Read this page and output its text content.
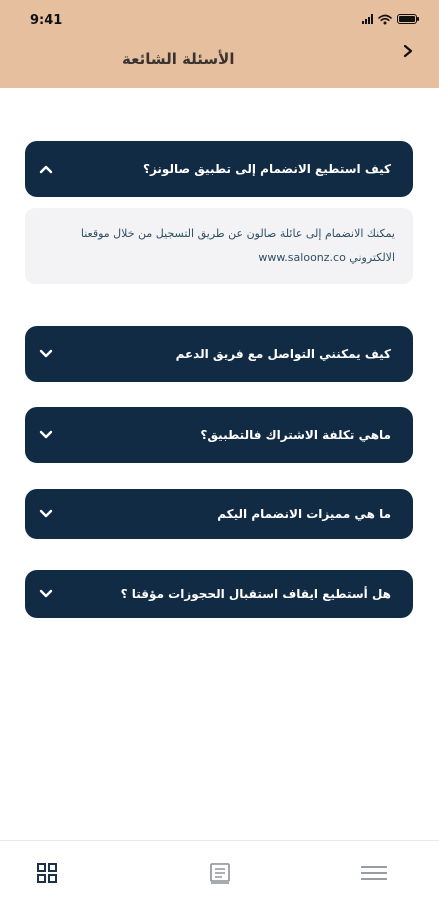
9:41
الأسئلة الشائعة
كيف استطيع الانضمام إلى تطبيق صالونز؟
يمكنك الانضمام إلى عائلة صالون عن طريق التسجيل من خلال موقعنا
الالكتروني www.saloonz.co
كيف يمكنني التواصل مع فريق الدعم
ماهي تكلفة الاشتراك فالتطبيق؟
ما هي مميزات الانضمام اليكم
هل أستطيع ايقاف استقبال الحجوزات مؤقتا ؟
